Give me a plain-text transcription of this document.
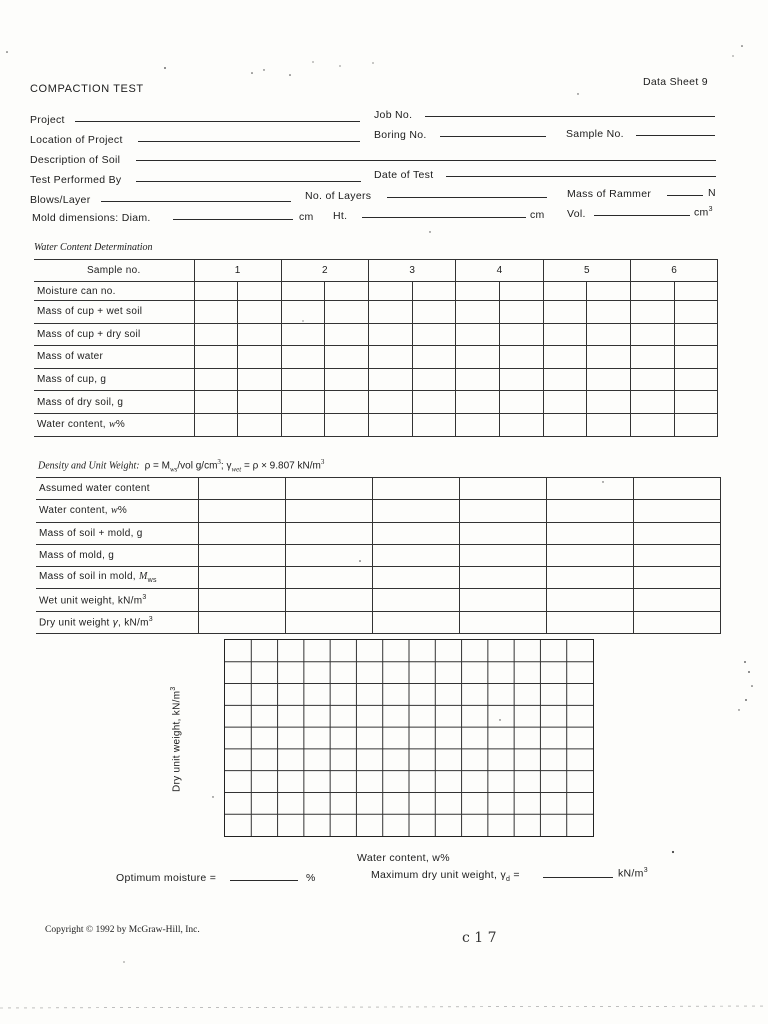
COMPACTION TEST
Data Sheet 9
Project	Job No.
Location of Project	Boring No.	Sample No.
Description of Soil
Test Performed By	Date of Test
Blows/Layer	No. of Layers	Mass of Rammer	N
Mold dimensions: Diam.	cm Ht.	cm Vol.	$cm^3$
Water Content Determination
Sample no.	1		2		3		4		5		6	
Moisture can no.												
Mass of cup + wet soil												
Mass of cup + dry soil												
Mass of water												
Mass of cup, g												
Mass of dry soil, g												
Water content, w%												
Density and Unit Weight: $\rho = M_{ws}$/vol $g/cm^3$; $\gamma_{wet} = \rho \times 9.807$ $kN/m^3$
Assumed water content						
Water content, w%						
Mass of soil + mold, g						
Mass of mold, g						
Mass of soil in mold, $M_{ws}$						
Wet unit weight, $kN/m^3$						
Dry unit weight γ, $kN/m^3$						
Dry unit weight, $kN/m^3$
Water content, w%
Optimum moisture =	%	Maximum dry unit weight, $\gamma_d$ =	$kN/m^3$
Copyright © 1992 by McGraw-Hill, Inc.	c 1 7
